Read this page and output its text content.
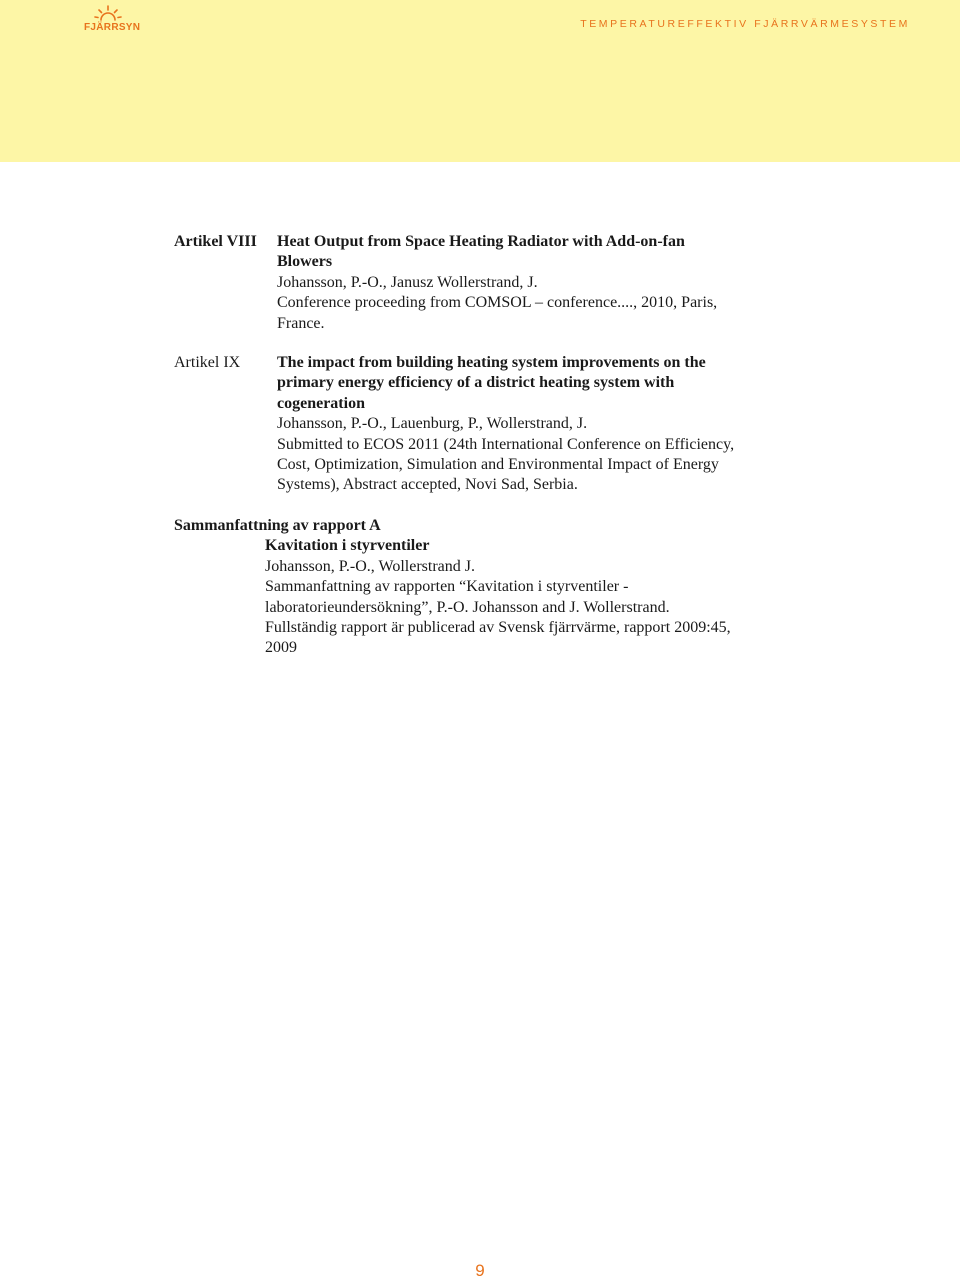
FJÄRRSYN	TEMPERATUREFFEKTIV FJÄRRVÄRMESYSTEM
Artikel VIII Heat Output from Space Heating Radiator with Add-on-fan
Blowers
Johansson, P.-O., Janusz Wollerstrand, J.
Conference proceeding from COMSOL – conference...., 2010, Paris,
France.
Artikel IX The impact from building heating system improvements on the
primary energy efficiency of a district heating system with
cogeneration
Johansson, P.-O., Lauenburg, P., Wollerstrand, J.
Submitted to ECOS 2011 (24th International Conference on Efficiency,
Cost, Optimization, Simulation and Environmental Impact of Energy
Systems), Abstract accepted, Novi Sad, Serbia.
Sammanfattning av rapport A
Kavitation i styrventiler
Johansson, P.-O., Wollerstrand J.
Sammanfattning av rapporten “Kavitation i styrventiler -
laboratorieundersökning”, P.-O. Johansson and J. Wollerstrand.
Fullständig rapport är publicerad av Svensk fjärrvärme, rapport 2009:45,
2009
9
